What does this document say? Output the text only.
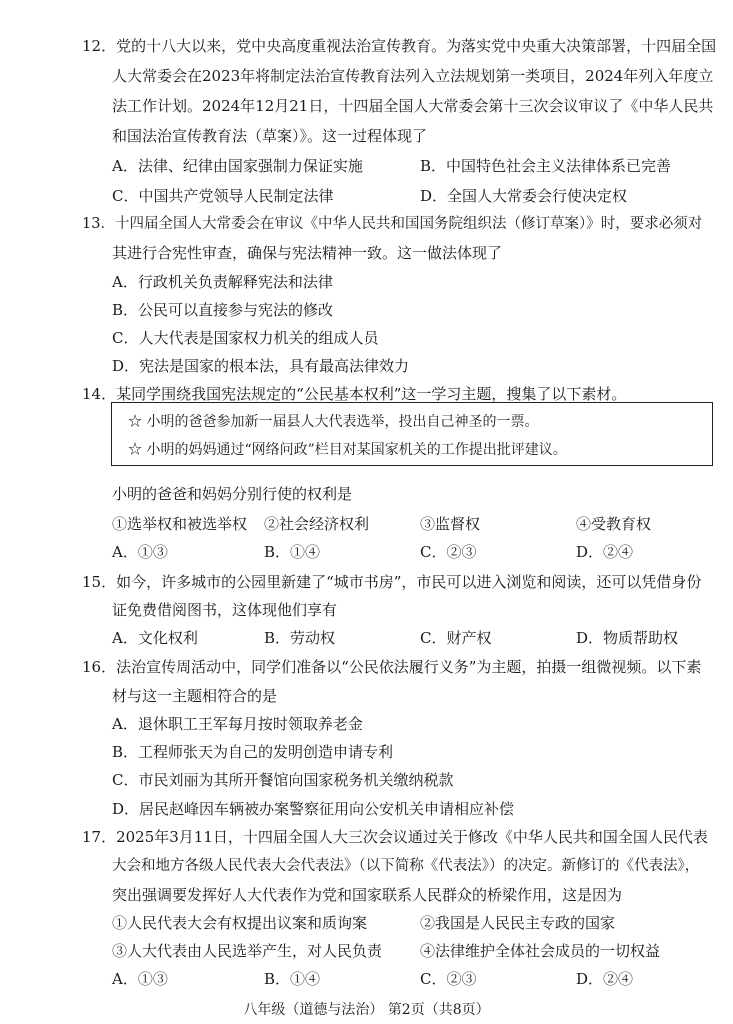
12．党的十八大以来，党中央高度重视法治宣传教育。为落实党中央重大决策部署，十四届全国
人大常委会在2023年将制定法治宣传教育法列入立法规划第一类项目，2024年列入年度立
法工作计划。2024年12月21日，十四届全国人大常委会第十三次会议审议了《中华人民共
和国法治宣传教育法（草案）》。这一过程体现了
A．法律、纪律由国家强制力保证实施	B．中国特色社会主义法律体系已完善
C．中国共产党领导人民制定法律	D．全国人大常委会行使决定权
13．十四届全国人大常委会在审议《中华人民共和国国务院组织法（修订草案）》时，要求必须对
其进行合宪性审查，确保与宪法精神一致。这一做法体现了
A．行政机关负责解释宪法和法律
B．公民可以直接参与宪法的修改
C．人大代表是国家权力机关的组成人员
D．宪法是国家的根本法，具有最高法律效力
14．某同学围绕我国宪法规定的“公民基本权利”这一学习主题，搜集了以下素材。
☆ 小明的爸爸参加新一届县人大代表选举，投出自己神圣的一票。
☆ 小明的妈妈通过“网络问政”栏目对某国家机关的工作提出批评建议。
小明的爸爸和妈妈分别行使的权利是
①选举权和被选举权 ②社会经济权利	③监督权	④受教育权
A．①③	B．①④	C．②③	D．②④
15．如今，许多城市的公园里新建了“城市书房”，市民可以进入浏览和阅读，还可以凭借身份
证免费借阅图书，这体现他们享有
A．文化权利	B．劳动权	C．财产权	D．物质帮助权
16．法治宣传周活动中，同学们准备以“公民依法履行义务”为主题，拍摄一组微视频。以下素
材与这一主题相符合的是
A．退休职工王军每月按时领取养老金
B．工程师张天为自己的发明创造申请专利
C．市民刘丽为其所开餐馆向国家税务机关缴纳税款
D．居民赵峰因车辆被办案警察征用向公安机关申请相应补偿
17．2025年3月11日，十四届全国人大三次会议通过关于修改《中华人民共和国全国人民代表
大会和地方各级人民代表大会代表法》（以下简称《代表法》）的决定。新修订的《代表法》，
突出强调要发挥好人大代表作为党和国家联系人民群众的桥梁作用，这是因为
①人民代表大会有权提出议案和质询案	②我国是人民民主专政的国家
③人大代表由人民选举产生，对人民负责	④法律维护全体社会成员的一切权益
A．①③	B．①④	C．②③	D．②④
八年级（道德与法治） 第2页（共8页）
